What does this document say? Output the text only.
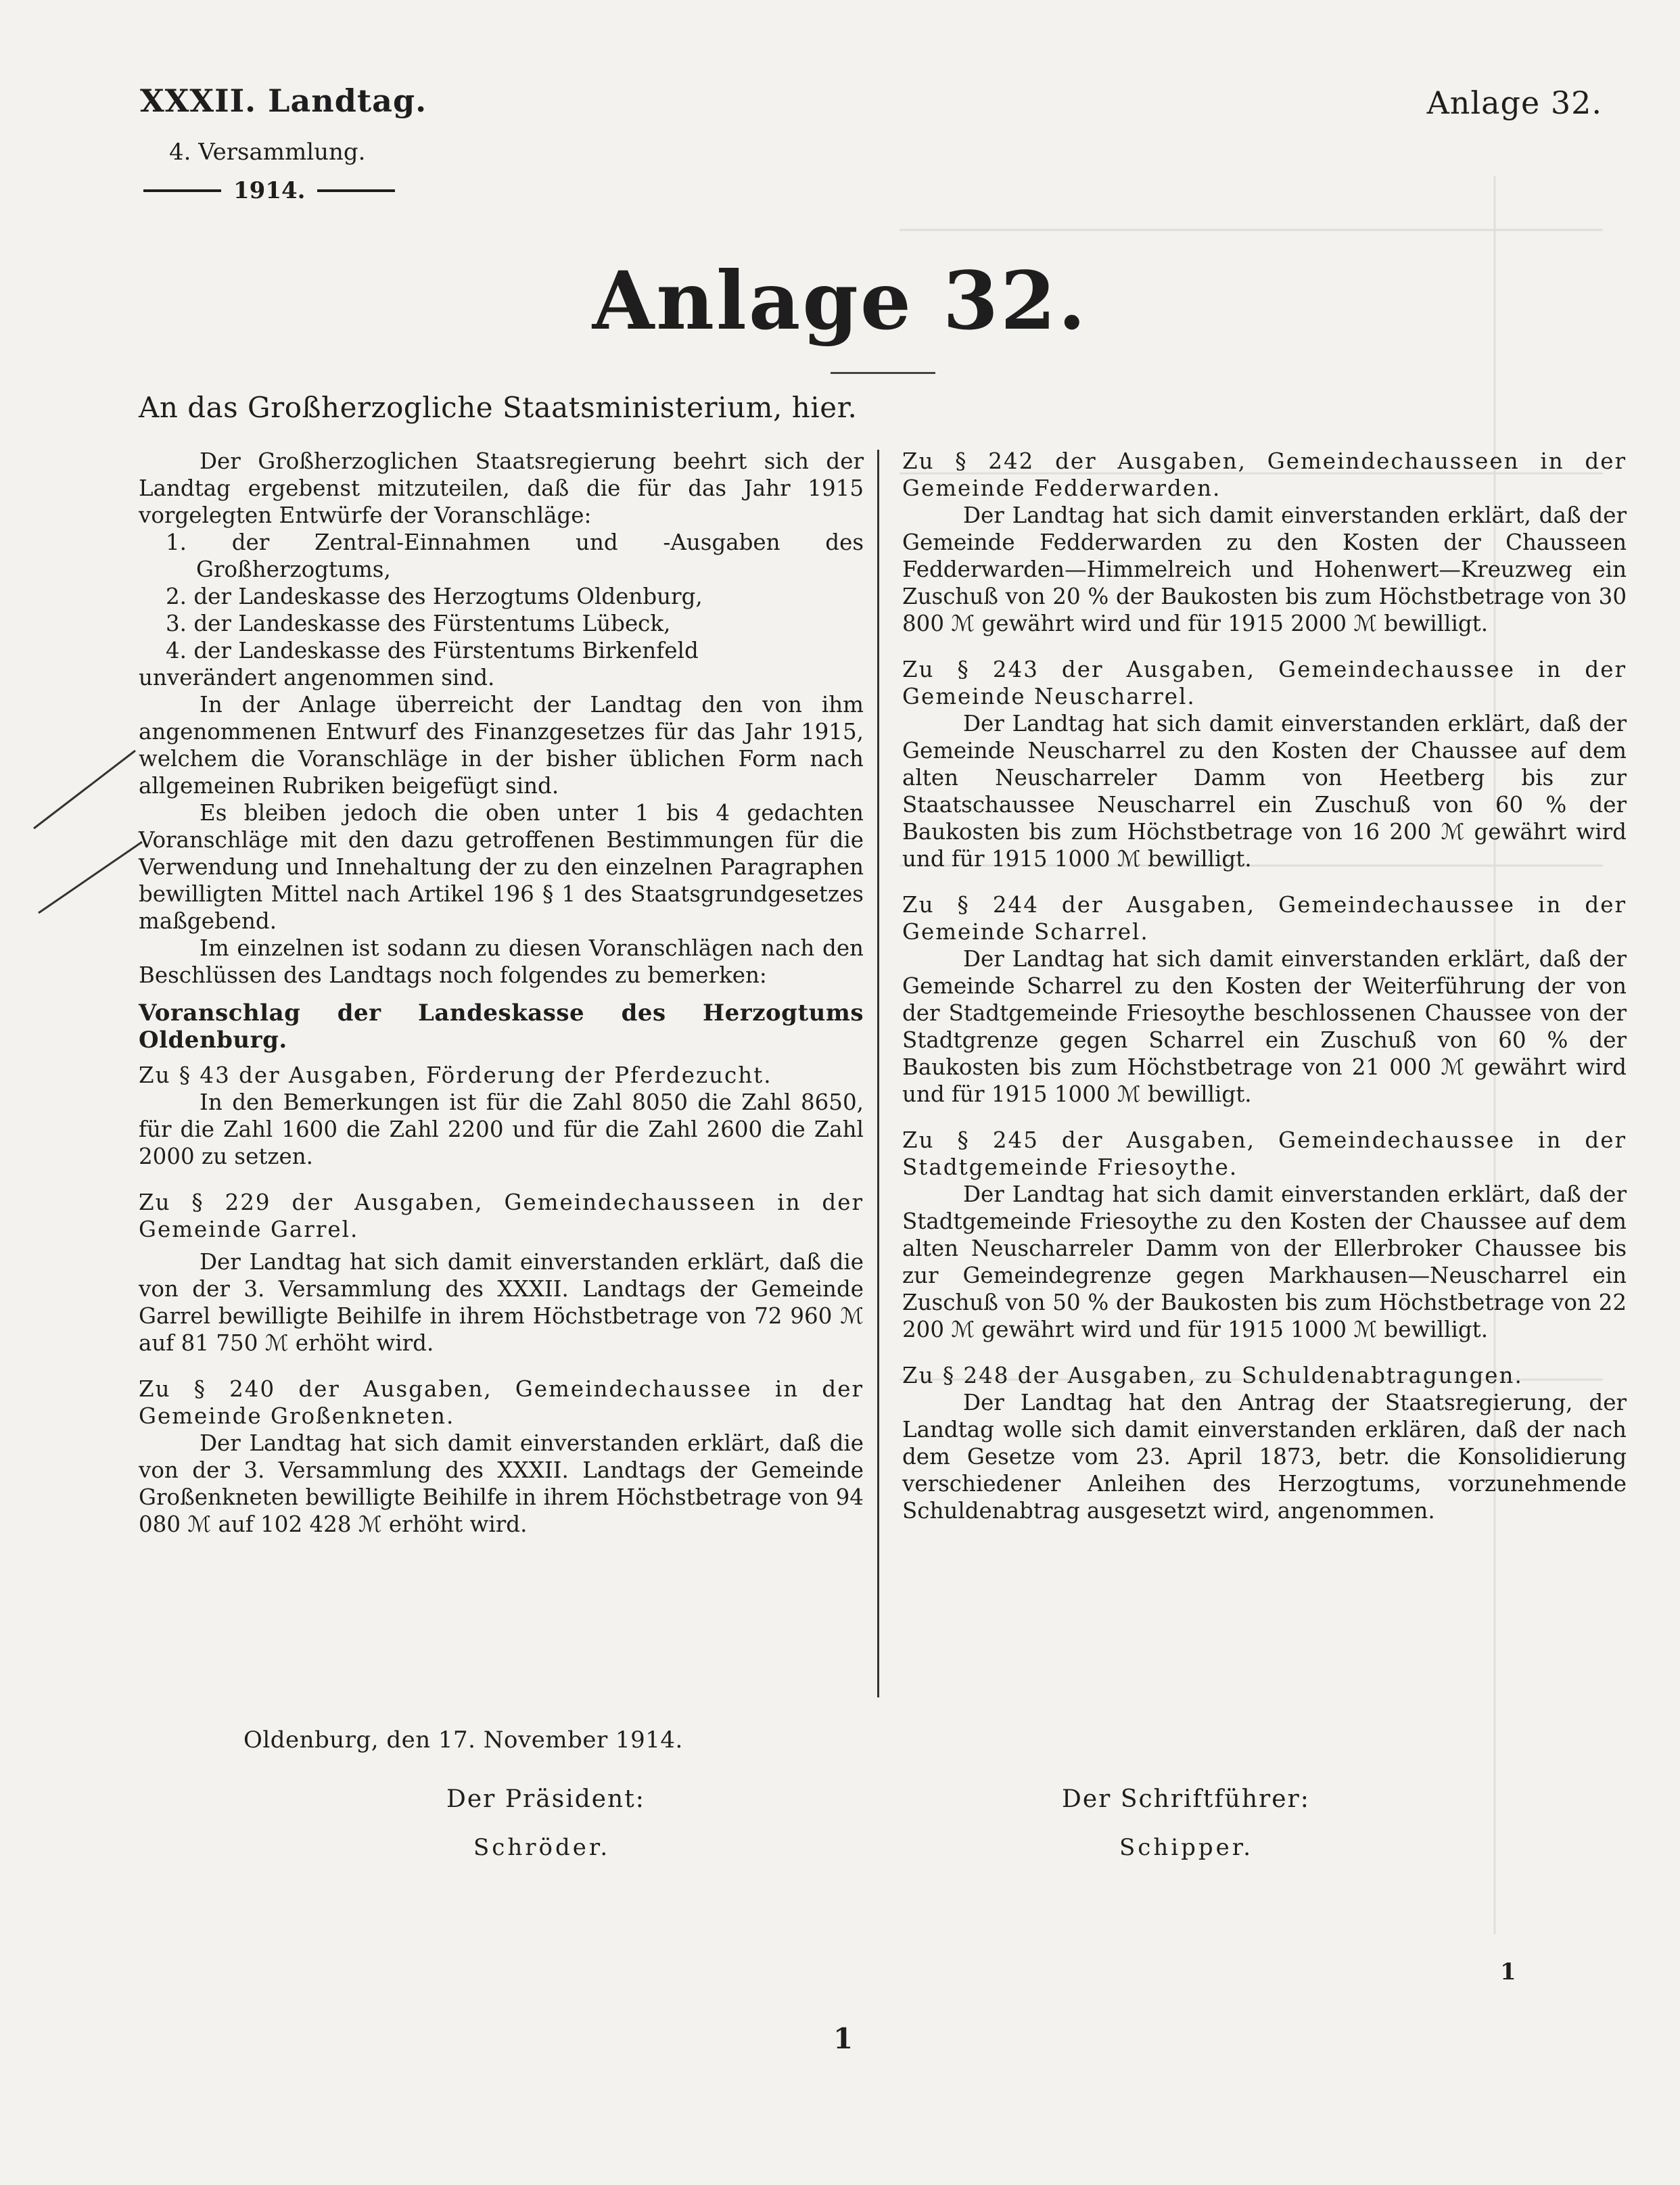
XXXII. Landtag.
4. Versammlung.
1914.
Anlage 32.
Anlage 32.
An das Großherzogliche Staatsministerium, hier.

Der Großherzoglichen Staatsregierung beehrt sich der Landtag ergebenst mitzuteilen, daß die für das Jahr 1915 vorgelegten Entwürfe der Voranschläge:

1. der Zentral-Einnahmen und -Ausgaben des Großherzogtums,

2. der Landeskasse des Herzogtums Oldenburg,

3. der Landeskasse des Fürstentums Lübeck,

4. der Landeskasse des Fürstentums Birkenfeld

unverändert angenommen sind.

In der Anlage überreicht der Landtag den von ihm angenommenen Entwurf des Finanzgesetzes für das Jahr 1915, welchem die Voranschläge in der bisher üblichen Form nach allgemeinen Rubriken beigefügt sind.

Es bleiben jedoch die oben unter 1 bis 4 gedachten Voranschläge mit den dazu getroffenen Bestimmungen für die Verwendung und Innehaltung der zu den einzelnen Paragraphen bewilligten Mittel nach Artikel 196 § 1 des Staatsgrundgesetzes maßgebend.

Im einzelnen ist sodann zu diesen Voranschlägen nach den Beschlüssen des Landtags noch folgendes zu bemerken:

Voranschlag der Landeskasse des Herzogtums Oldenburg.

Zu § 43 der Ausgaben, Förderung der Pferdezucht.

In den Bemerkungen ist für die Zahl 8050 die Zahl 8650, für die Zahl 1600 die Zahl 2200 und für die Zahl 2600 die Zahl 2000 zu setzen.

Zu § 229 der Ausgaben, Gemeindechausseen in der Gemeinde Garrel.

Der Landtag hat sich damit einverstanden erklärt, daß die von der 3. Versammlung des XXXII. Landtags der Gemeinde Garrel bewilligte Beihilfe in ihrem Höchstbetrage von 72 960 ℳ auf 81 750 ℳ erhöht wird.

Zu § 240 der Ausgaben, Gemeindechaussee in der Gemeinde Großenkneten.

Der Landtag hat sich damit einverstanden erklärt, daß die von der 3. Versammlung des XXXII. Landtags der Gemeinde Großenkneten bewilligte Beihilfe in ihrem Höchstbetrage von 94 080 ℳ auf 102 428 ℳ erhöht wird.

Zu § 242 der Ausgaben, Gemeindechausseen in der Gemeinde Fedderwarden.

Der Landtag hat sich damit einverstanden erklärt, daß der Gemeinde Fedderwarden zu den Kosten der Chausseen Fedderwarden—Himmelreich und Hohenwert—Kreuzweg ein Zuschuß von 20 % der Baukosten bis zum Höchstbetrage von 30 800 ℳ gewährt wird und für 1915 2000 ℳ bewilligt.

Zu § 243 der Ausgaben, Gemeindechaussee in der Gemeinde Neuscharrel.

Der Landtag hat sich damit einverstanden erklärt, daß der Gemeinde Neuscharrel zu den Kosten der Chaussee auf dem alten Neuscharreler Damm von Heetberg bis zur Staatschaussee Neuscharrel ein Zuschuß von 60 % der Baukosten bis zum Höchstbetrage von 16 200 ℳ gewährt wird und für 1915 1000 ℳ bewilligt.

Zu § 244 der Ausgaben, Gemeindechaussee in der Gemeinde Scharrel.

Der Landtag hat sich damit einverstanden erklärt, daß der Gemeinde Scharrel zu den Kosten der Weiterführung der von der Stadtgemeinde Friesoythe beschlossenen Chaussee von der Stadtgrenze gegen Scharrel ein Zuschuß von 60 % der Baukosten bis zum Höchstbetrage von 21 000 ℳ gewährt wird und für 1915 1000 ℳ bewilligt.

Zu § 245 der Ausgaben, Gemeindechaussee in der Stadtgemeinde Friesoythe.

Der Landtag hat sich damit einverstanden erklärt, daß der Stadtgemeinde Friesoythe zu den Kosten der Chaussee auf dem alten Neuscharreler Damm von der Ellerbroker Chaussee bis zur Gemeindegrenze gegen Markhausen—Neuscharrel ein Zuschuß von 50 % der Baukosten bis zum Höchstbetrage von 22 200 ℳ gewährt wird und für 1915 1000 ℳ bewilligt.

Zu § 248 der Ausgaben, zu Schuldenabtragungen.

Der Landtag hat den Antrag der Staatsregierung, der Landtag wolle sich damit einverstanden erklären, daß der nach dem Gesetze vom 23. April 1873, betr. die Konsolidierung verschiedener Anleihen des Herzogtums, vorzunehmende Schuldenabtrag ausgesetzt wird, angenommen.

Oldenburg, den 17. November 1914.
Der Präsident:
Schröder.
Der Schriftführer:
Schipper.
1
1
